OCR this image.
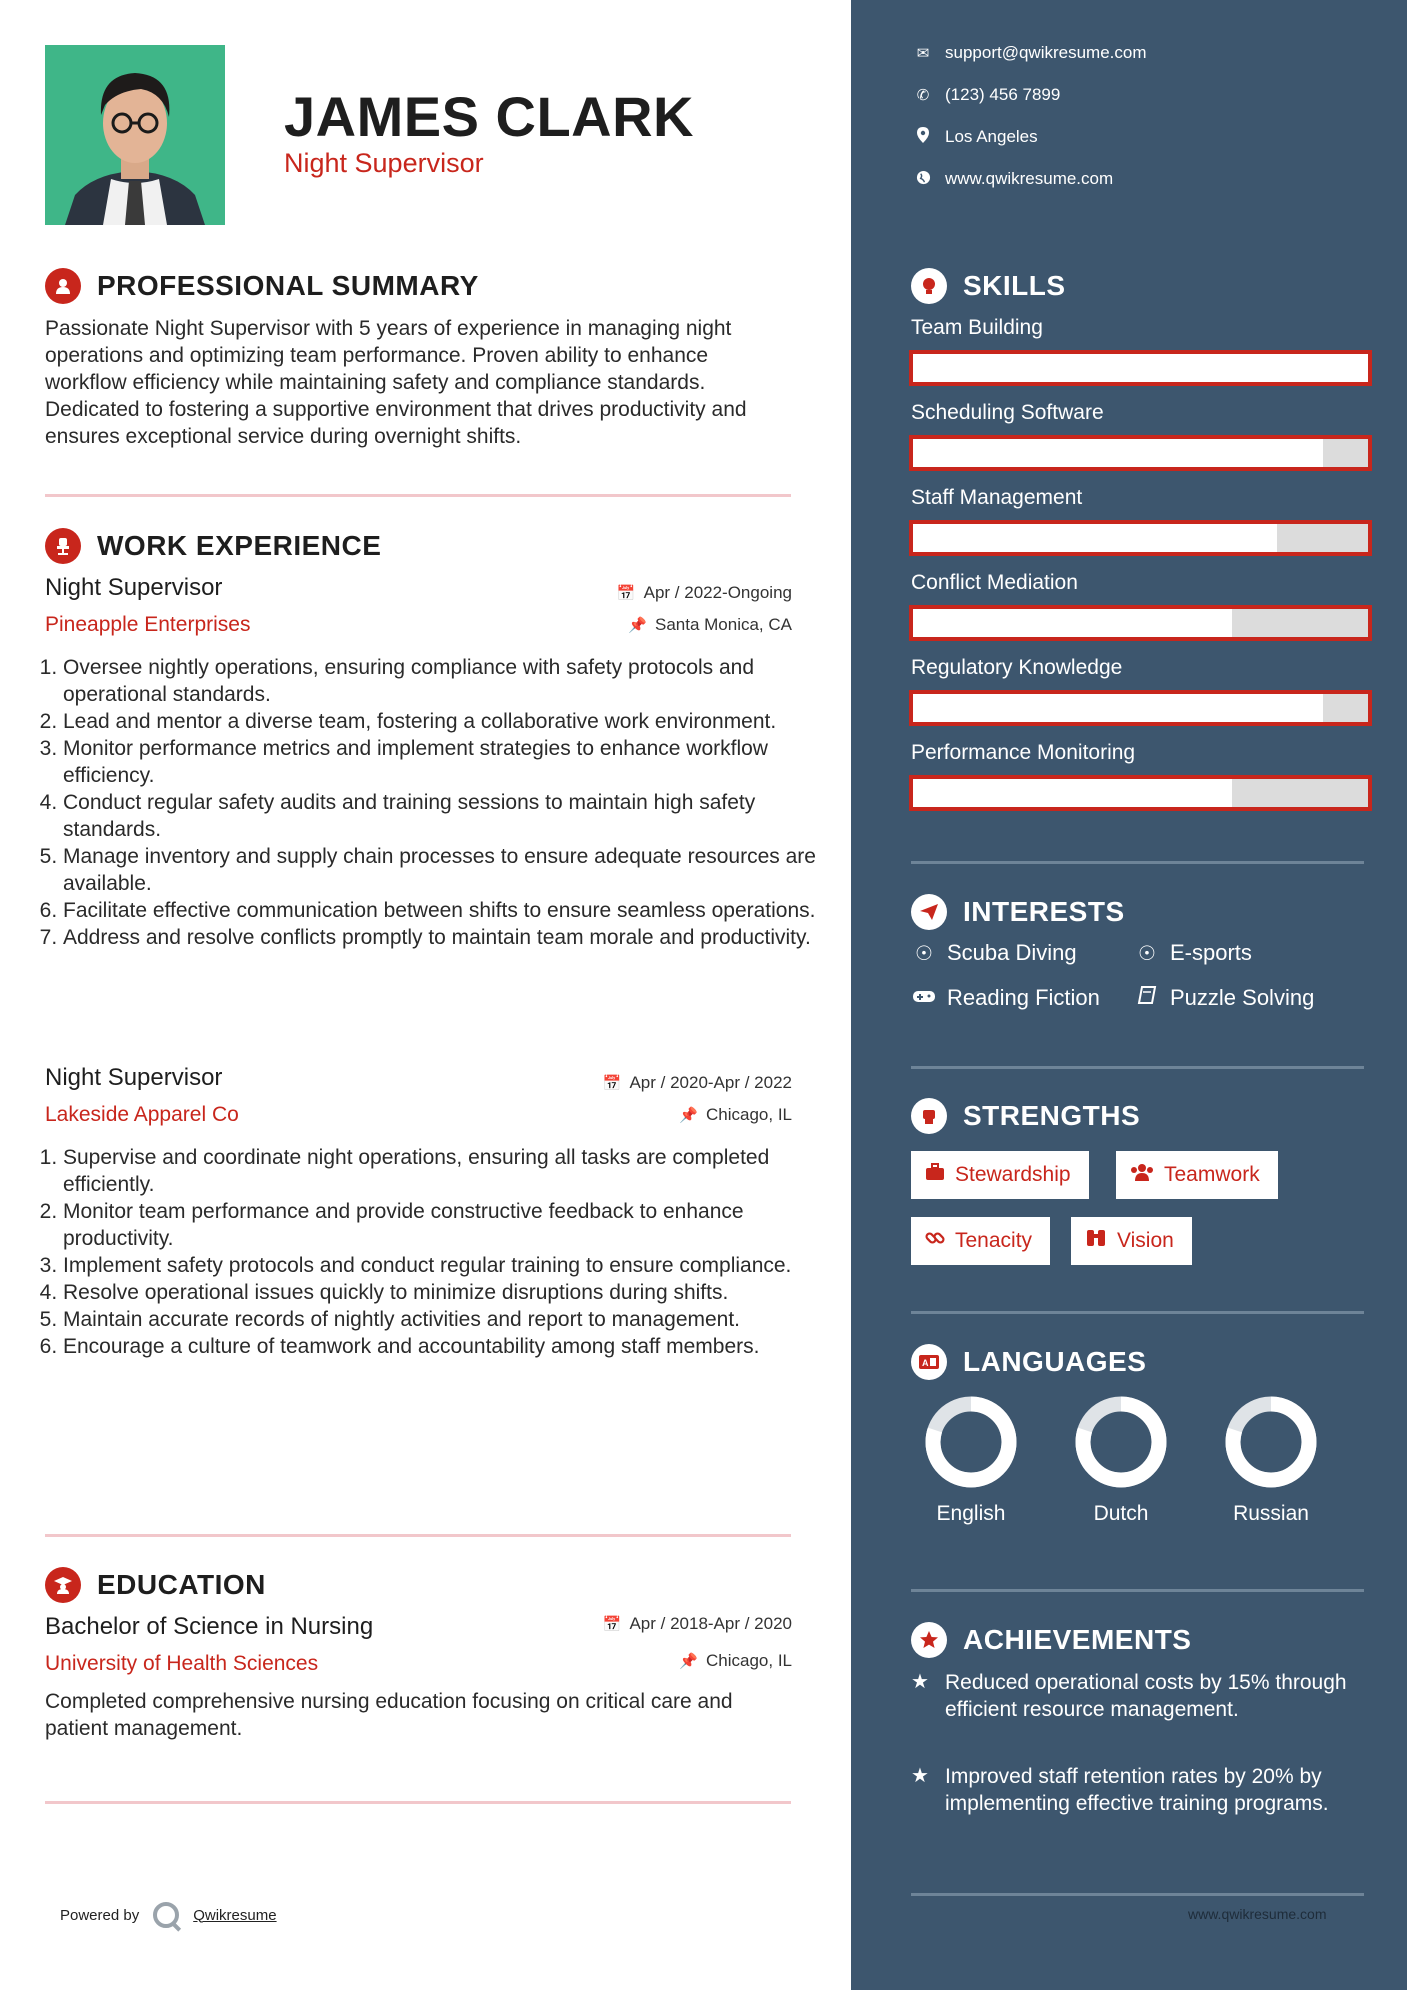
JAMES CLARK
Night Supervisor
PROFESSIONAL SUMMARY
Passionate Night Supervisor with 5 years of experience in managing night operations and optimizing team performance. Proven ability to enhance workflow efficiency while maintaining safety and compliance standards. Dedicated to fostering a supportive environment that drives productivity and ensures exceptional service during overnight shifts.
WORK EXPERIENCE
Night Supervisor	📅 Apr / 2022-Ongoing
Pineapple Enterprises	📌 Santa Monica, CA
1. Oversee nightly operations, ensuring compliance with safety protocols and operational standards.
2. Lead and mentor a diverse team, fostering a collaborative work environment.
3. Monitor performance metrics and implement strategies to enhance workflow efficiency.
4. Conduct regular safety audits and training sessions to maintain high safety standards.
5. Manage inventory and supply chain processes to ensure adequate resources are available.
6. Facilitate effective communication between shifts to ensure seamless operations.
7. Address and resolve conflicts promptly to maintain team morale and productivity.
Night Supervisor	📅 Apr / 2020-Apr / 2022
Lakeside Apparel Co	📌 Chicago, IL
1. Supervise and coordinate night operations, ensuring all tasks are completed efficiently.
2. Monitor team performance and provide constructive feedback to enhance productivity.
3. Implement safety protocols and conduct regular training to ensure compliance.
4. Resolve operational issues quickly to minimize disruptions during shifts.
5. Maintain accurate records of nightly activities and report to management.
6. Encourage a culture of teamwork and accountability among staff members.
EDUCATION
Bachelor of Science in Nursing	📅 Apr / 2018-Apr / 2020
University of Health Sciences	📌 Chicago, IL
Completed comprehensive nursing education focusing on critical care and patient management.
Powered by	Qwikresume
✉ support@qwikresume.com
✆ (123) 456 7899
Los Angeles
www.qwikresume.com
SKILLS
Team Building
Scheduling Software
Staff Management
Conflict Mediation
Regulatory Knowledge
Performance Monitoring
INTERESTS
☉ Scuba Diving	☉ E-sports
Reading Fiction	Puzzle Solving
STRENGTHS
Stewardship	Teamwork
Tenacity	Vision
A LANGUAGES
English	Dutch	Russian
ACHIEVEMENTS
★ Reduced operational costs by 15% through efficient resource management.
★ Improved staff retention rates by 20% by implementing effective training programs.
www.qwikresume.com
